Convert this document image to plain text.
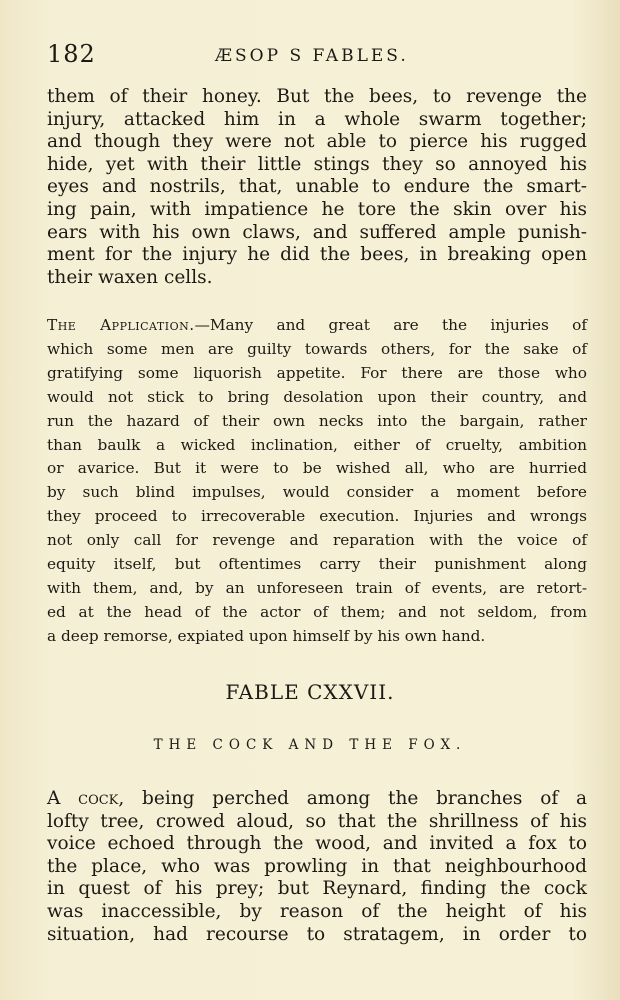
182	ÆSOP S FABLES.
them of their honey. But the bees, to revenge the
injury, attacked him in a whole swarm together;
and though they were not able to pierce his rugged
hide, yet with their little stings they so annoyed his
eyes and nostrils, that, unable to endure the smart-
ing pain, with impatience he tore the skin over his
ears with his own claws, and suffered ample punish-
ment for the injury he did the bees, in breaking open
their waxen cells.
The Application.—Many and great are the injuries of
which some men are guilty towards others, for the sake of
gratifying some liquorish appetite. For there are those who
would not stick to bring desolation upon their country, and
run the hazard of their own necks into the bargain, rather
than baulk a wicked inclination, either of cruelty, ambition
or avarice. But it were to be wished all, who are hurried
by such blind impulses, would consider a moment before
they proceed to irrecoverable execution. Injuries and wrongs
not only call for revenge and reparation with the voice of
equity itself, but oftentimes carry their punishment along
with them, and, by an unforeseen train of events, are retort-
ed at the head of the actor of them; and not seldom, from
a deep remorse, expiated upon himself by his own hand.
FABLE CXXVII.
THE COCK AND THE FOX.
A cock, being perched among the branches of a
lofty tree, crowed aloud, so that the shrillness of his
voice echoed through the wood, and invited a fox to
the place, who was prowling in that neighbourhood
in quest of his prey; but Reynard, finding the cock
was inaccessible, by reason of the height of his
situation, had recourse to stratagem, in order to
